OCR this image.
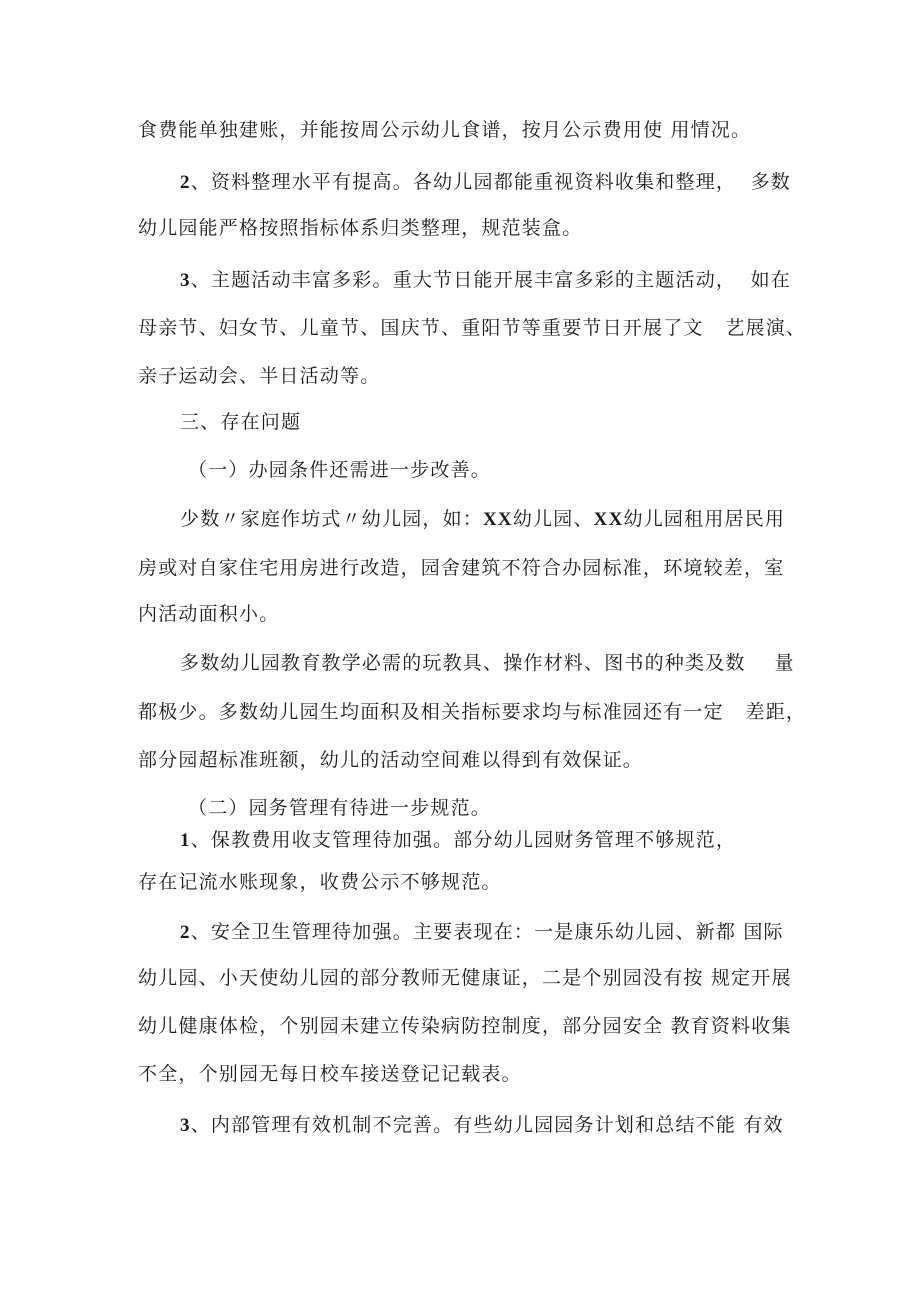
食费能单独建账，并能按周公示幼儿食谱，按月公示费用使 用情况。
2、资料整理水平有提高。各幼儿园都能重视资料收集和整理，  多数
幼儿园能严格按照指标体系归类整理，规范装盒。
3、主题活动丰富多彩。重大节日能开展丰富多彩的主题活动，  如在
母亲节、妇女节、儿童节、国庆节、重阳节等重要节日开展了文   艺展演、
亲子运动会、半日活动等。
三、存在问题
（一）办园条件还需进一步改善。
少数〃家庭作坊式〃幼儿园，如：XX幼儿园、XX幼儿园租用居民用
房或对自家住宅用房进行改造，园舍建筑不符合办园标准，环境较差，室
内活动面积小。
多数幼儿园教育教学必需的玩教具、操作材料、图书的种类及数    量
都极少。多数幼儿园生均面积及相关指标要求均与标准园还有一定   差距，
部分园超标准班额，幼儿的活动空间难以得到有效保证。
（二）园务管理有待进一步规范。
1、保教费用收支管理待加强。部分幼儿园财务管理不够规范，
存在记流水账现象，收费公示不够规范。
2、安全卫生管理待加强。主要表现在：一是康乐幼儿园、新都 国际
幼儿园、小天使幼儿园的部分教师无健康证，二是个别园没有按 规定开展
幼儿健康体检，个别园未建立传染病防控制度，部分园安全 教育资料收集
不全，个别园无每日校车接送登记记载表。
3、内部管理有效机制不完善。有些幼儿园园务计划和总结不能 有效
